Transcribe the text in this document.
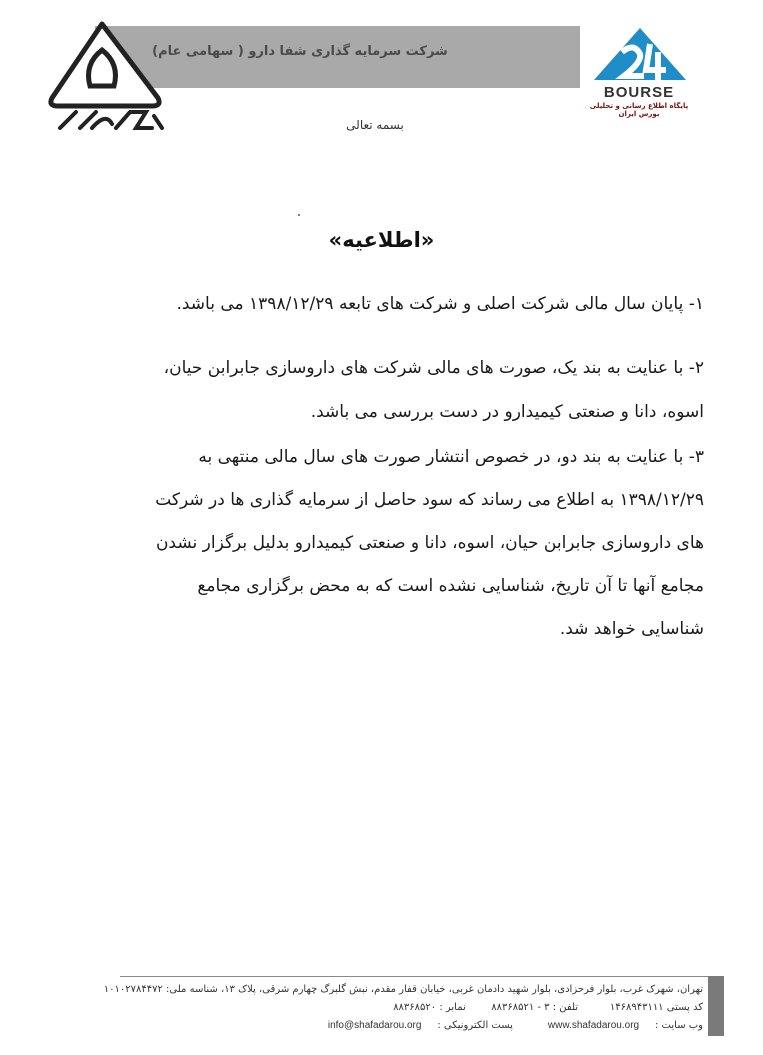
شرکت سرمایه گذاری شفا دارو ( سهامی عام)
بسمه تعالی
BOURSE
پایگاه اطلاع رسانی و تحلیلی بورس ایران
«اطلاعیه»
۱- پایان سال مالی شرکت اصلی و شرکت های تابعه ۱۳۹۸/۱۲/۲۹ می باشد.
۲- با عنایت به بند یک، صورت های مالی شرکت های داروسازی جابرابن حیان،
اسوه، دانا و صنعتی کیمیدارو در دست بررسی می باشد.
۳- با عنایت به بند دو، در خصوص انتشار صورت های سال مالی منتهی به
۱۳۹۸/۱۲/۲۹ به اطلاع می رساند که سود حاصل از سرمایه گذاری ها در شرکت
های داروسازی جابرابن حیان، اسوه، دانا و صنعتی کیمیدارو بدلیل برگزار نشدن
مجامع آنها تا آن تاریخ، شناسایی نشده است که به محض برگزاری مجامع
شناسایی خواهد شد.
تهران، شهرک غرب، بلوار فرحزادی، بلوار شهید دادمان غربی، خیابان قفار مقدم، نبش گلبرگ چهارم شرقی، پلاک ۱۳، شناسه ملی: ۱۰۱۰۲۷۸۴۴۷۲
کد پستی ۱۴۶۸۹۴۳۱۱۱          تلفن : ۳ - ۸۸۳۶۸۵۲۱        نمابر : ۸۸۳۶۸۵۲۰
وب سایت :     www.shafadarou.org           پست الکترونیکی :     info@shafadarou.org
